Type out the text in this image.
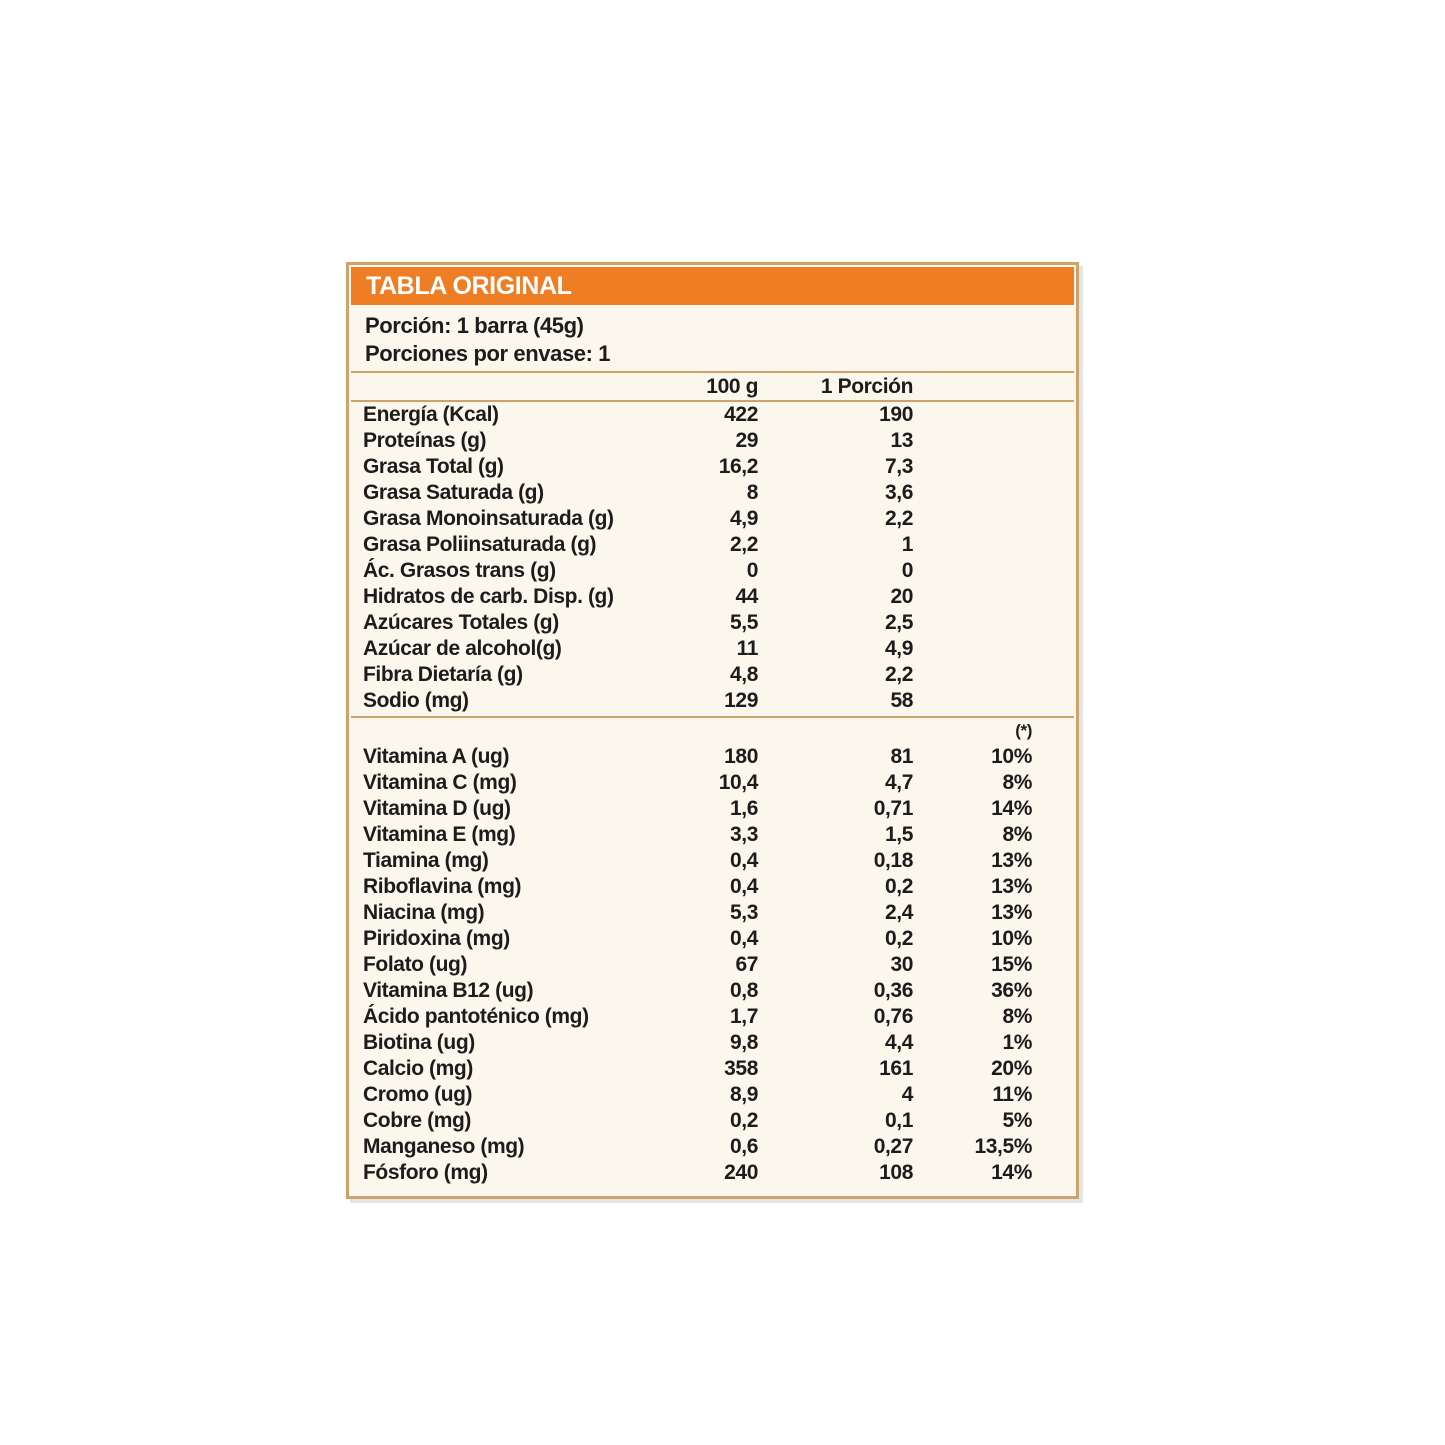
TABLA ORIGINAL
Porción: 1 barra (45g)
Porciones por envase: 1
100 g	1 Porción
Energía (Kcal)	422	190
Proteínas (g)	29	13
Grasa Total (g)	16,2	7,3
Grasa Saturada (g)	8	3,6
Grasa Monoinsaturada (g)	4,9	2,2
Grasa Poliinsaturada (g)	2,2	1
Ác. Grasos trans (g)	0	0
Hidratos de carb. Disp. (g)	44	20
Azúcares Totales (g)	5,5	2,5
Azúcar de alcohol(g)	11	4,9
Fibra Dietaría (g)	4,8	2,2
Sodio (mg)	129	58
(*)
Vitamina A (ug)	180	81	10%
Vitamina C (mg)	10,4	4,7	8%
Vitamina D (ug)	1,6	0,71	14%
Vitamina E (mg)	3,3	1,5	8%
Tiamina (mg)	0,4	0,18	13%
Riboflavina (mg)	0,4	0,2	13%
Niacina (mg)	5,3	2,4	13%
Piridoxina (mg)	0,4	0,2	10%
Folato (ug)	67	30	15%
Vitamina B12 (ug)	0,8	0,36	36%
Ácido pantoténico (mg)	1,7	0,76	8%
Biotina (ug)	9,8	4,4	1%
Calcio (mg)	358	161	20%
Cromo (ug)	8,9	4	11%
Cobre (mg)	0,2	0,1	5%
Manganeso (mg)	0,6	0,27	13,5%
Fósforo (mg)	240	108	14%
